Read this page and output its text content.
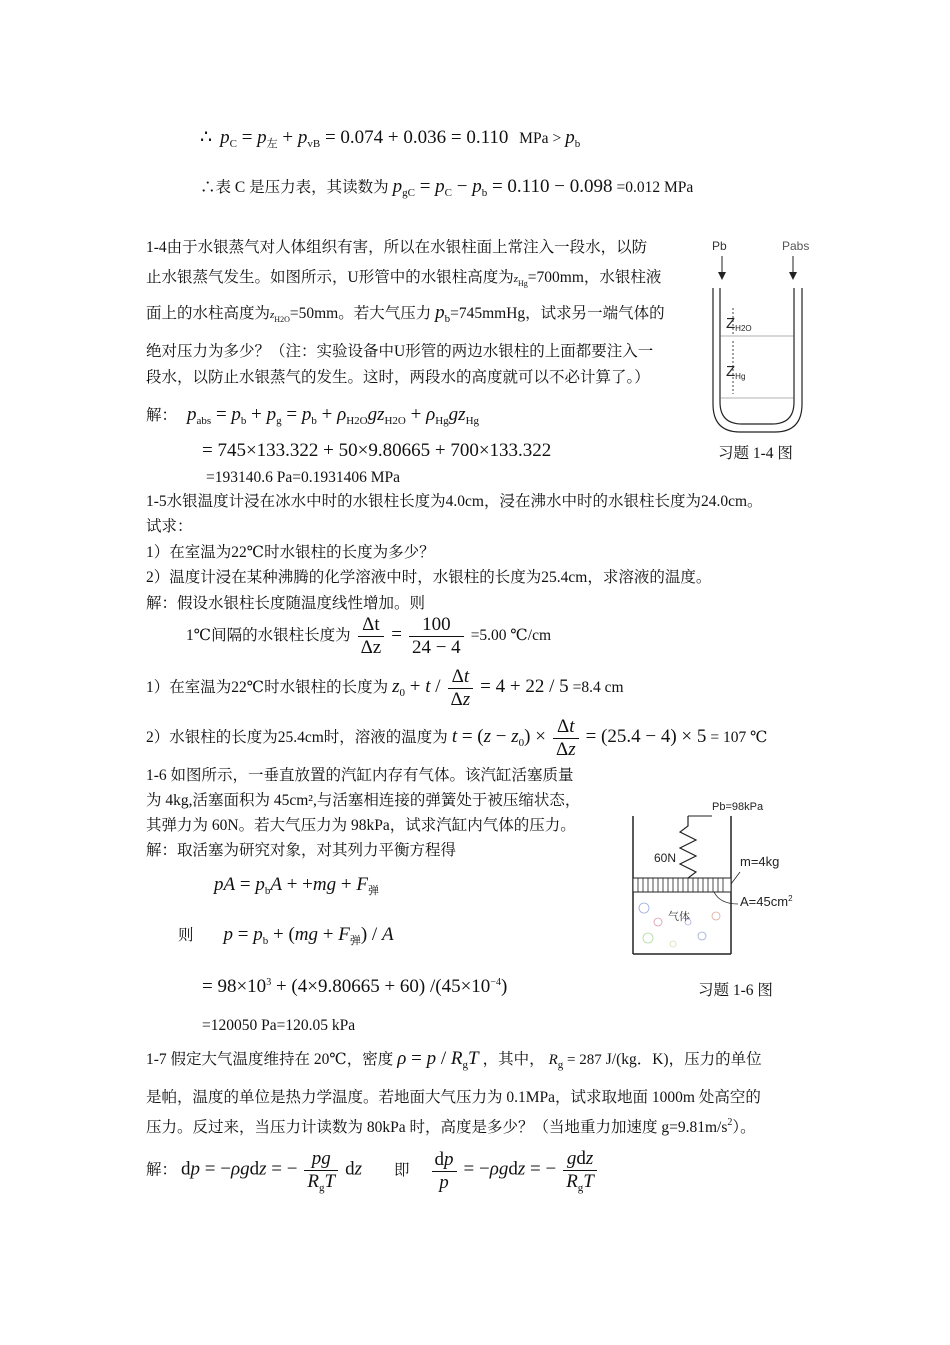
∴ $p_C = p_左 + p_{vB} = 0.074 + 0.036 = 0.110$ MPa > $p_b$
∴表 C 是压力表，其读数为 $p_{gC} = p_C - p_b = 0.110 - 0.098 =0.012$ MPa
1-4由于水银蒸气对人体组织有害，所以在水银柱面上常注入一段水，以防
止水银蒸气发生。如图所示，U形管中的水银柱高度为$z_{Hg}=700mm$，水银柱液
面上的水柱高度为$z_{H2O}=50mm$。若大气压力 $p_b=745mmHg$，试求另一端气体的
绝对压力为多少？（注：实验设备中U形管的两边水银柱的上面都要注入一
段水，以防止水银蒸气的发生。这时，两段水的高度就可以不必计算了。）
解： $p_{abs} = p_b + p_g = p_b + \rho_{H2O}gz_{H2O} + \rho_{Hg}gz_{Hg}$
= 745×133.322 + 50×9.80665 + 700×133.322
=193140.6 Pa=0.1931406 MPa
Pb	Pabs
$Z_{H2O}$
$Z_{Hg}$
习题 1-4 图
1-5水银温度计浸在冰水中时的水银柱长度为4.0cm，浸在沸水中时的水银柱长度为24.0cm。
试求：
1）在室温为22℃时水银柱的长度为多少？
2）温度计浸在某种沸腾的化学溶液中时，水银柱的长度为25.4cm，求溶液的温度。
解：假设水银柱长度随温度线性增加。则
1℃间隔的水银柱长度为 $\frac{\Delta t}{\Delta z} = \frac{100}{24 - 4} =5.00$ ℃/cm
1）在室温为22℃时水银柱的长度为 $z_0 + t / \frac{\Delta t}{\Delta z} = 4 + 22 / 5 =8.4$ cm
2）水银柱的长度为25.4cm时，溶液的温度为 $t = (z - z_0) \times \frac{\Delta t}{\Delta z} = (25.4 - 4) \times 5 = 107$ ℃
1-6 如图所示，一垂直放置的汽缸内存有气体。该汽缸活塞质量
为 4kg,活塞面积为 45cm²,与活塞相连接的弹簧处于被压缩状态，
其弹力为 60N。若大气压力为 98kPa，试求汽缸内气体的压力。
解：取活塞为研究对象，对其列力平衡方程得
pA = $p_bA + +mg + F_弹$
则 $p = p_b + (mg + F_弹) / A$
= $98\times 10^3 + (4\times 9.80665 + 60)$ $/(45\times 10^{-4})$
=120050 Pa=120.05 kPa
Pb=98kPa
60N
气体
m=4kg
$A=45cm^2$
习题 1-6 图
1-7 假定大气温度维持在 20℃，密度 $\rho = p / R_gT$ ，其中， $R_g = 287$ J/(kg．K)，压力的单位
是帕，温度的单位是热力学温度。若地面大气压力为 0.1MPa，试求取地面 1000m 处高空的
压力。反过来，当压力计读数为 80kPa 时，高度是多少？（当地重力加速度 $g=9.81m/s^2$）。
解： dp = −ρgdz = − $\frac{pg}{R_gT}$ dz 即 $\frac{dp}{p} = -\rho gdz$ = − $\frac{\text{gdz}}{R_gT}$
